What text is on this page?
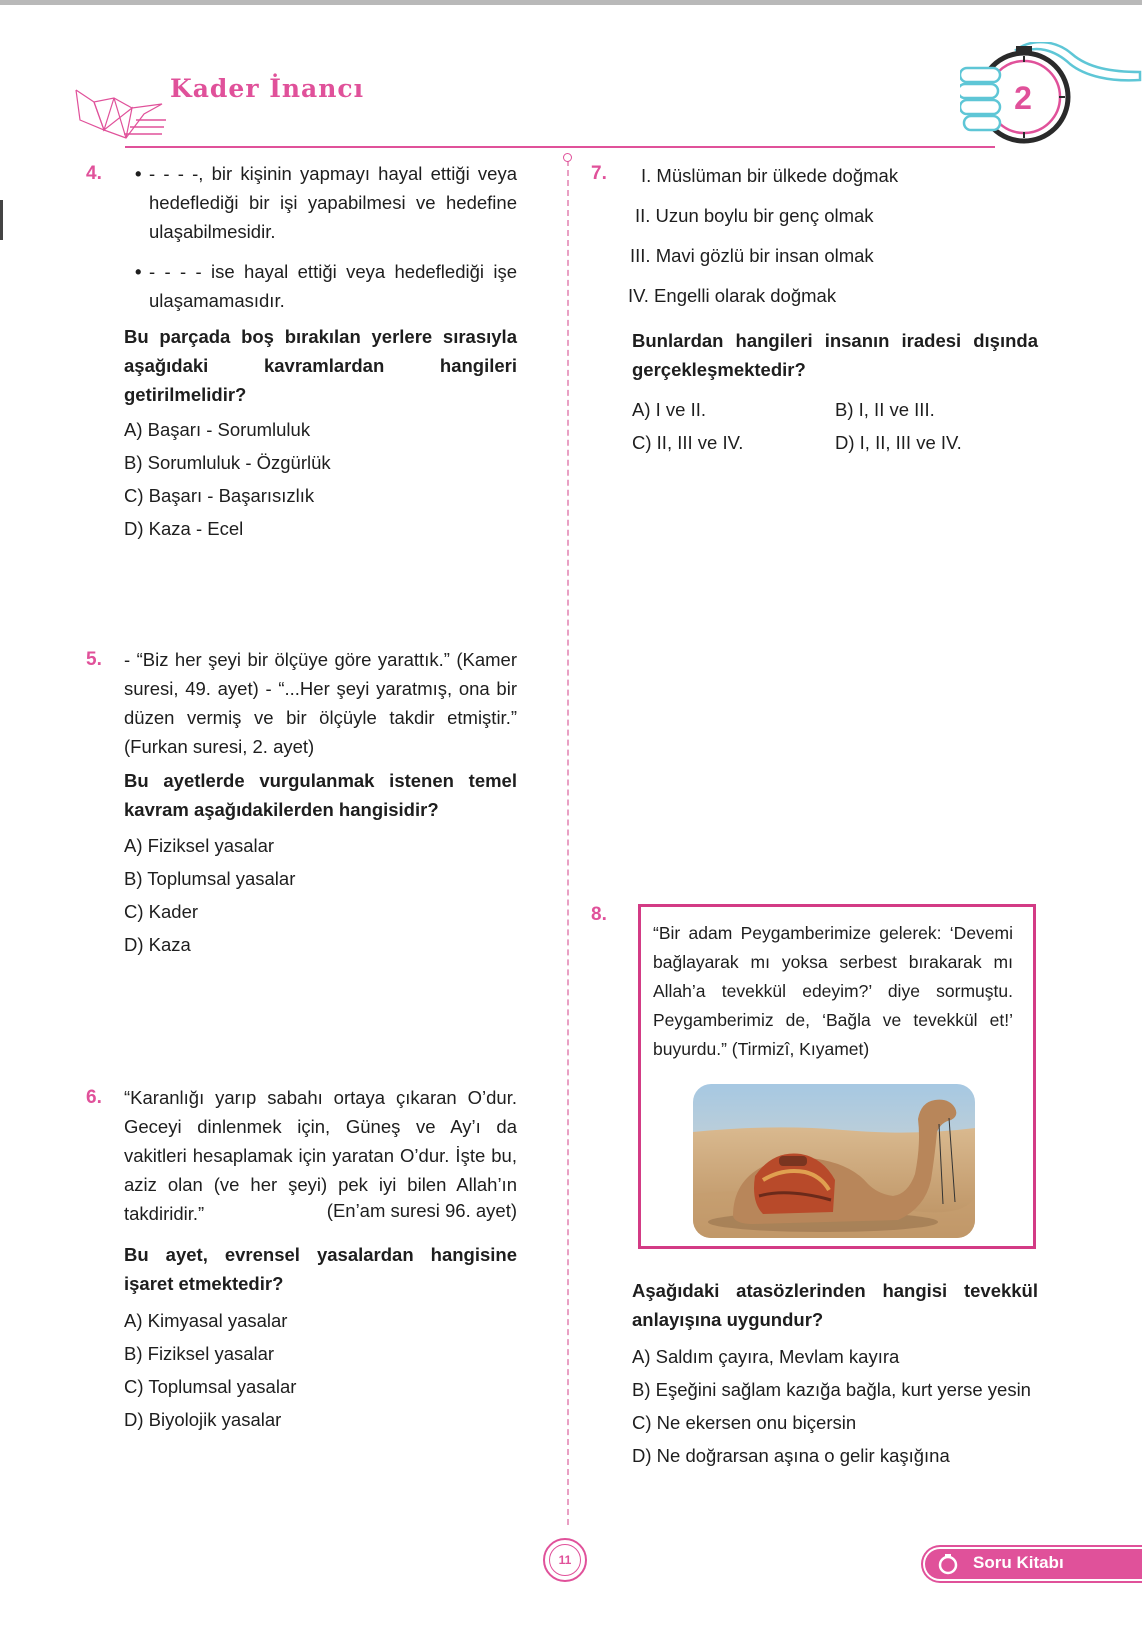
Kader İnancı	2
4. • - - - -, bir kişinin yapmayı hayal ettiği veya hedeflediği bir işi yapabilmesi ve hedefine ulaşabilmesidir.
• - - - - ise hayal ettiği veya hedeflediği işe ulaşamamasıdır.
Bu parçada boş bırakılan yerlere sırasıyla aşağıdaki kavramlardan hangileri getirilmelidir?
A) Başarı - Sorumluluk
B) Sorumluluk - Özgürlük
C) Başarı - Başarısızlık
D) Kaza - Ecel
5. - “Biz her şeyi bir ölçüye göre yarattık.” (Kamer suresi, 49. ayet) - “...Her şeyi yaratmış, ona bir düzen vermiş ve bir ölçüyle takdir etmiştir.” (Furkan suresi, 2. ayet)
Bu ayetlerde vurgulanmak istenen temel kavram aşağıdakilerden hangisidir?
A) Fiziksel yasalar
B) Toplumsal yasalar
C) Kader
D) Kaza
6. “Karanlığı yarıp sabahı ortaya çıkaran O’dur. Geceyi dinlenmek için, Güneş ve Ay’ı da vakitleri hesaplamak için yaratan O’dur. İşte bu, aziz olan (ve her şeyi) pek iyi bilen Allah’ın takdiridir.”	(En’am suresi 96. ayet)
Bu ayet, evrensel yasalardan hangisine işaret etmektedir?
A) Kimyasal yasalar
B) Fiziksel yasalar
C) Toplumsal yasalar
D) Biyolojik yasalar
7. I. Müslüman bir ülkede doğmak
II. Uzun boylu bir genç olmak
III. Mavi gözlü bir insan olmak
IV. Engelli olarak doğmak
Bunlardan hangileri insanın iradesi dışında gerçekleşmektedir?
A) I ve II.	B) I, II ve III.
C) II, III ve IV.	D) I, II, III ve IV.
8.
“Bir adam Peygamberimize gelerek: ‘Devemi bağlayarak mı yoksa serbest bırakarak mı Allah’a tevekkül edeyim?’ diye sormuştu. Peygamberimiz de, ‘Bağla ve tevekkül et!’ buyurdu.” (Tirmizî, Kıyamet)
Aşağıdaki atasözlerinden hangisi tevekkül anlayışına uygundur?
A) Saldım çayıra, Mevlam kayıra
B) Eşeğini sağlam kazığa bağla, kurt yerse yesin
C) Ne ekersen onu biçersin
D) Ne doğrarsan aşına o gelir kaşığına
11	Soru Kitabı
